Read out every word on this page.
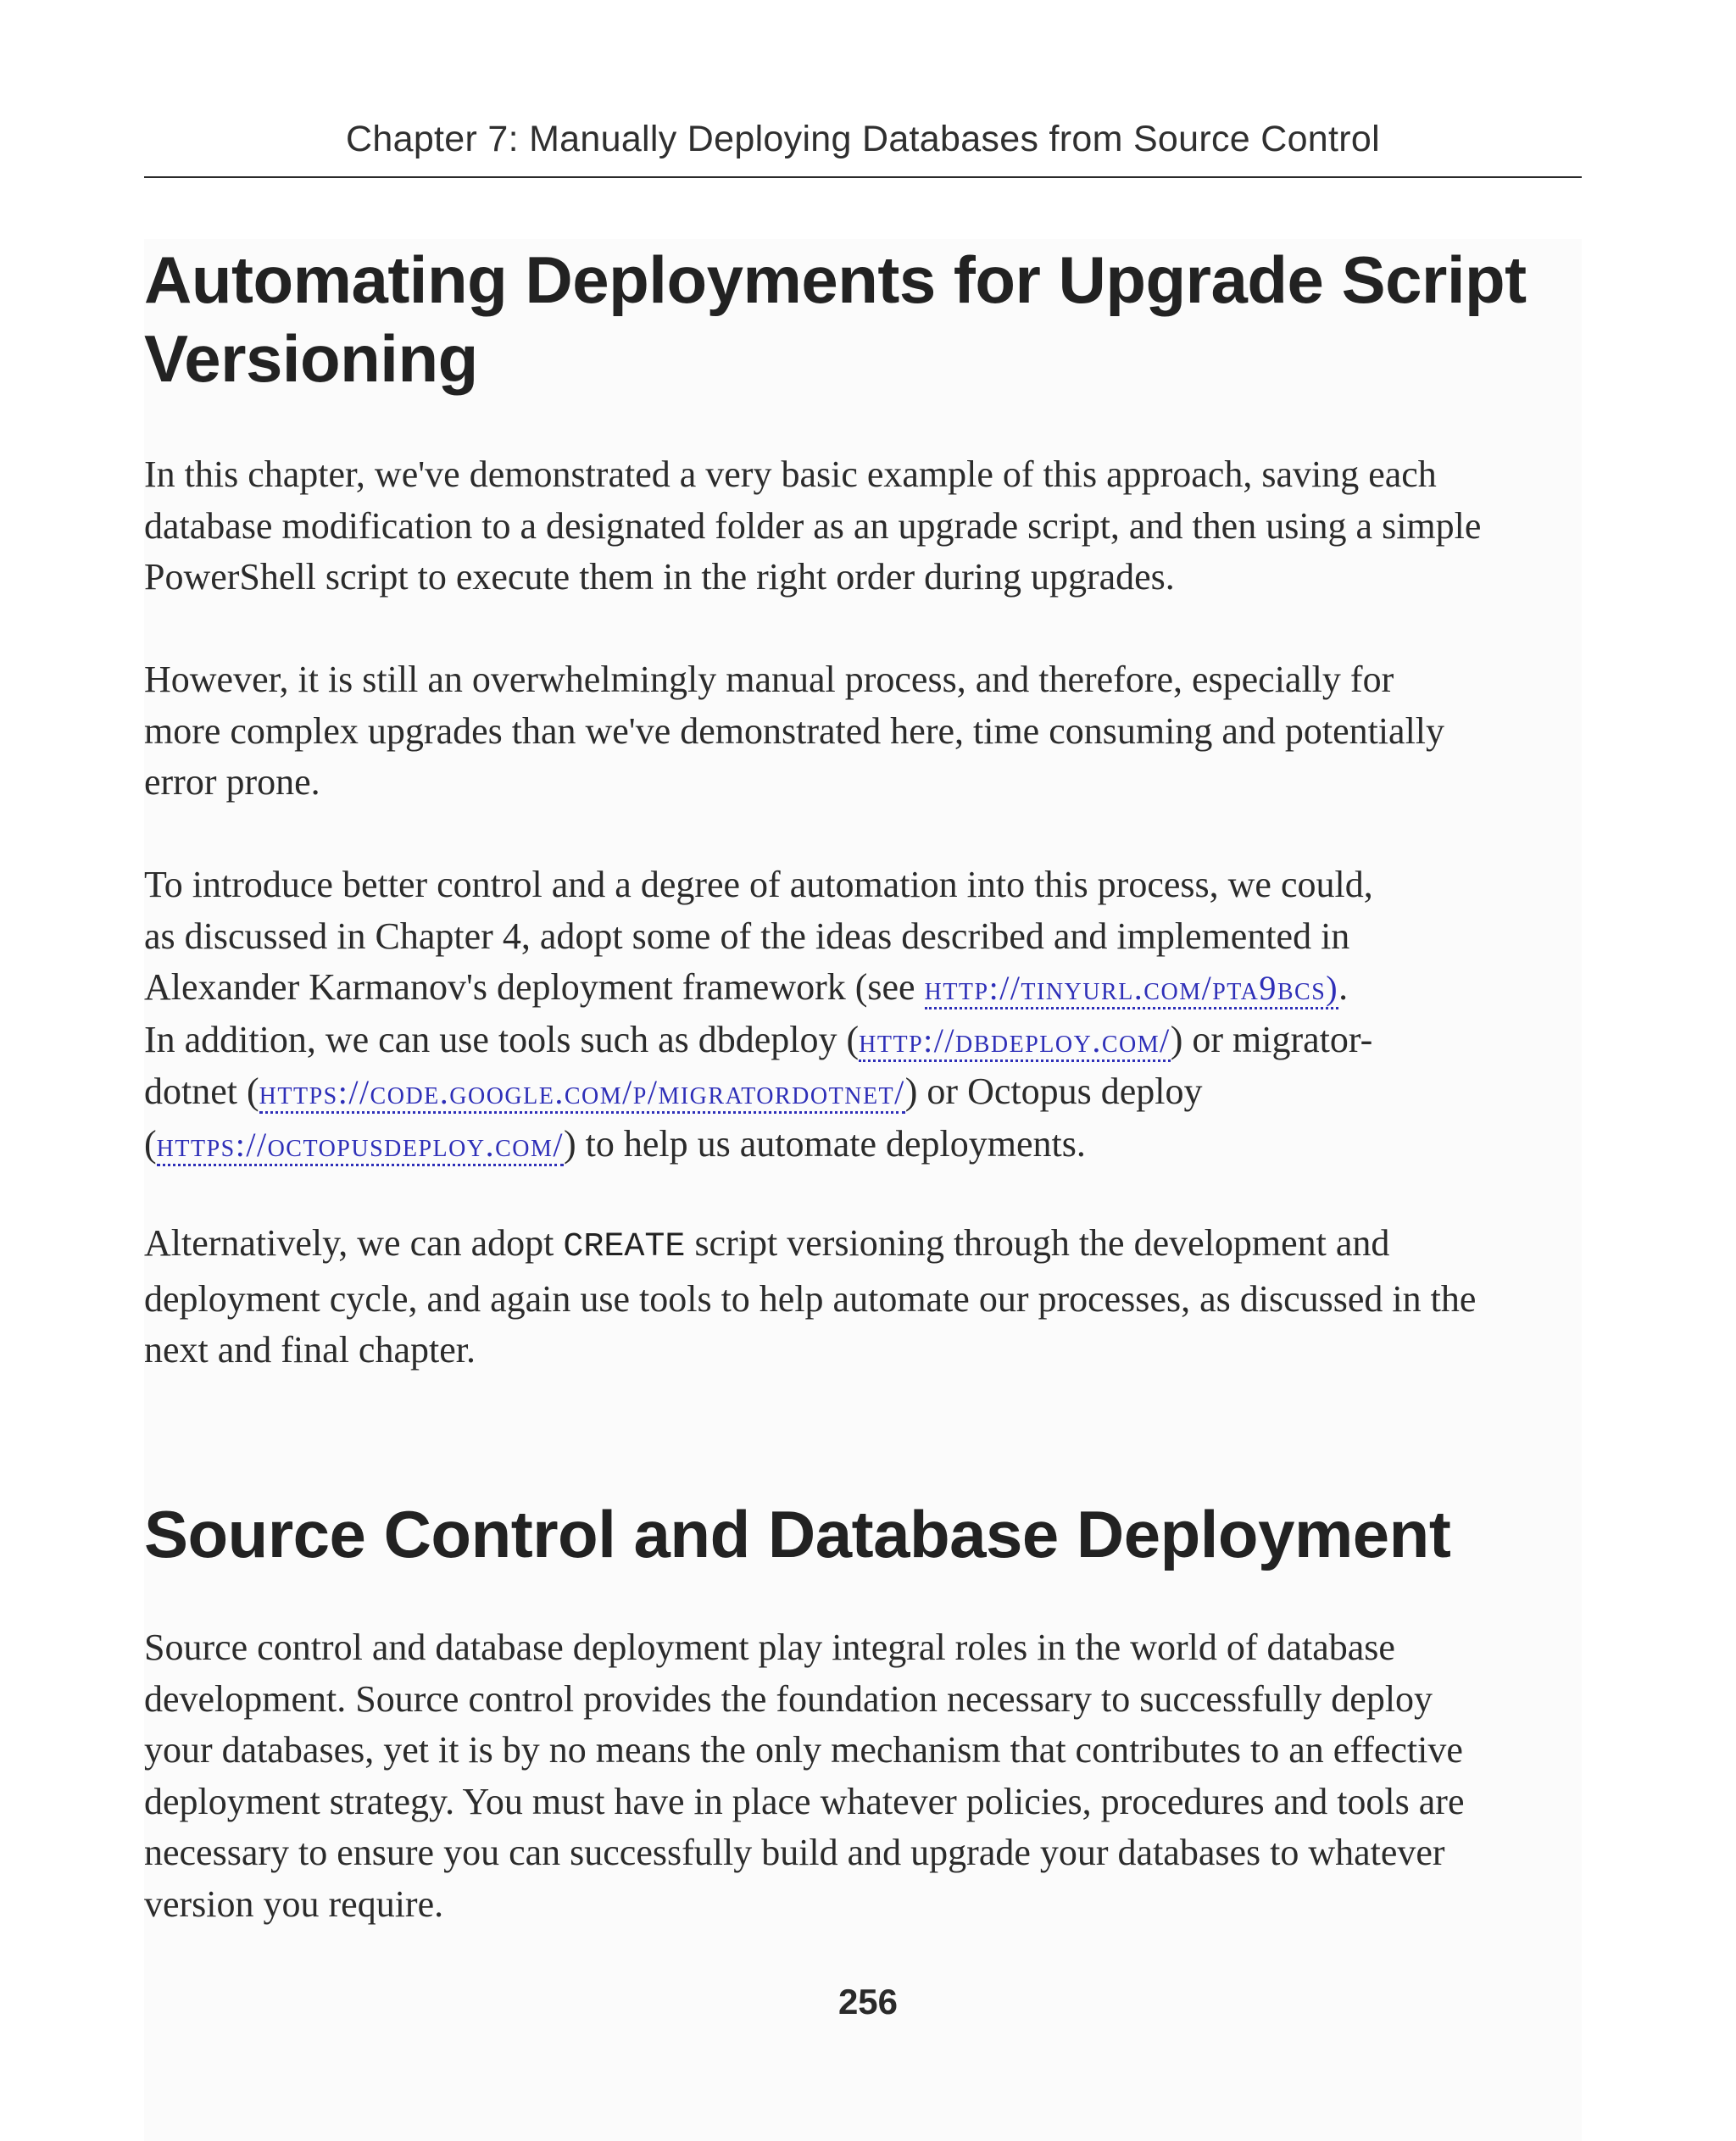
Chapter 7: Manually Deploying Databases from Source Control
Automating Deployments for Upgrade Script
Versioning

In this chapter, we've demonstrated a very basic example of this approach, saving each
database modification to a designated folder as an upgrade script, and then using a simple
PowerShell script to execute them in the right order during upgrades.

However, it is still an overwhelmingly manual process, and therefore, especially for
more complex upgrades than we've demonstrated here, time consuming and potentially
error prone.

To introduce better control and a degree of automation into this process, we could,
as discussed in Chapter 4, adopt some of the ideas described and implemented in
Alexander Karmanov's deployment framework (see http://tinyurl.com/pta9bcs).
In addition, we can use tools such as dbdeploy (http://dbdeploy.com/) or migrator-
dotnet (https://code.google.com/p/migratordotnet/) or Octopus deploy
(https://octopusdeploy.com/) to help us automate deployments.

Alternatively, we can adopt CREATE script versioning through the development and
deployment cycle, and again use tools to help automate our processes, as discussed in the
next and final chapter.

Source Control and Database Deployment

Source control and database deployment play integral roles in the world of database
development. Source control provides the foundation necessary to successfully deploy
your databases, yet it is by no means the only mechanism that contributes to an effective
deployment strategy. You must have in place whatever policies, procedures and tools are
necessary to ensure you can successfully build and upgrade your databases to whatever
version you require.

256
